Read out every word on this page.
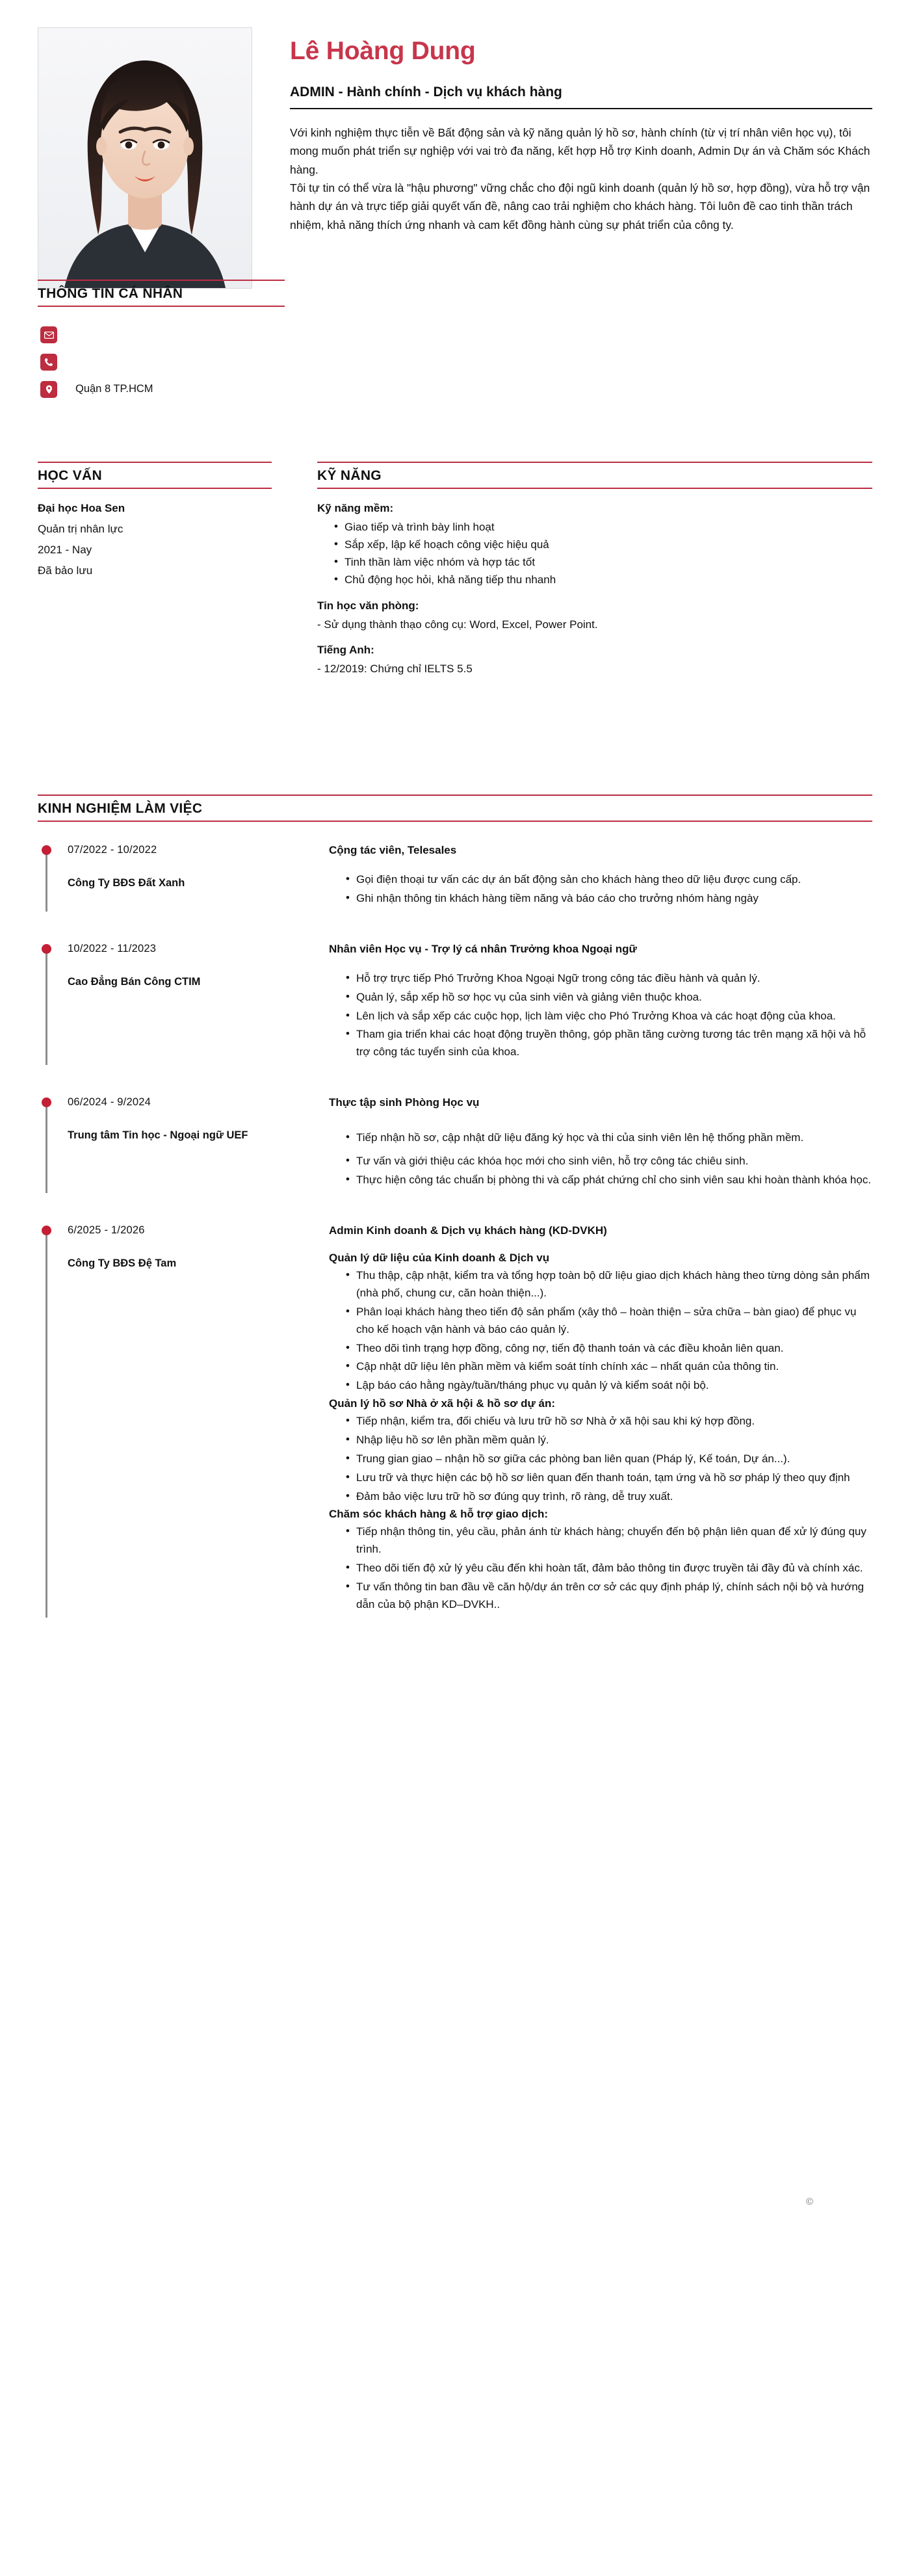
Lê Hoàng Dung
ADMIN - Hành chính - Dịch vụ khách hàng

Với kinh nghiệm thực tiễn về Bất động sản và kỹ năng quản lý hồ sơ, hành chính (từ vị trí nhân viên học vụ), tôi mong muốn phát triển sự nghiệp với vai trò đa năng, kết hợp Hỗ trợ Kinh doanh, Admin Dự án và Chăm sóc Khách hàng.

Tôi tự tin có thể vừa là "hậu phương" vững chắc cho đội ngũ kinh doanh (quản lý hồ sơ, hợp đồng), vừa hỗ trợ vận hành dự án và trực tiếp giải quyết vấn đề, nâng cao trải nghiệm cho khách hàng. Tôi luôn đề cao tinh thần trách nhiệm, khả năng thích ứng nhanh và cam kết đồng hành cùng sự phát triển của công ty.

THÔNG TIN CÁ NHÂN
Quận 8 TP.HCM
HỌC VẤN
Đại học Hoa Sen
Quản trị nhân lực
2021 - Nay
Đã bảo lưu
KỸ NĂNG
Kỹ năng mềm:
• Giao tiếp và trình bày linh hoạt
• Sắp xếp, lập kế hoạch công việc hiệu quả
• Tinh thần làm việc nhóm và hợp tác tốt
• Chủ động học hỏi, khả năng tiếp thu nhanh
Tin học văn phòng:

- Sử dụng thành thạo công cụ: Word, Excel, Power Point.

Tiếng Anh:

- 12/2019: Chứng chỉ IELTS 5.5

KINH NGHIỆM LÀM VIỆC
07/2022 - 10/2022
Công Ty BĐS Đất Xanh
Cộng tác viên, Telesales
• Gọi điện thoại tư vấn các dự án bất động sản cho khách hàng theo dữ liệu được cung cấp.
• Ghi nhận thông tin khách hàng tiềm năng và báo cáo cho trưởng nhóm hàng ngày
10/2022 - 11/2023
Cao Đẳng Bán Công CTIM
Nhân viên Học vụ - Trợ lý cá nhân Trưởng khoa Ngoại ngữ
• Hỗ trợ trực tiếp Phó Trưởng Khoa Ngoại Ngữ trong công tác điều hành và quản lý.
• Quản lý, sắp xếp hồ sơ học vụ của sinh viên và giảng viên thuộc khoa.
• Lên lịch và sắp xếp các cuộc họp, lịch làm việc cho Phó Trưởng Khoa và các hoạt động của khoa.
• Tham gia triển khai các hoạt động truyền thông, góp phần tăng cường tương tác trên mạng xã hội và hỗ trợ công tác tuyển sinh của khoa.
06/2024 - 9/2024
Trung tâm Tin học - Ngoại ngữ UEF
Thực tập sinh Phòng Học vụ
• Tiếp nhận hồ sơ, cập nhật dữ liệu đăng ký học và thi của sinh viên lên hệ thống phần mềm.
• Tư vấn và giới thiệu các khóa học mới cho sinh viên, hỗ trợ công tác chiêu sinh.
• Thực hiện công tác chuẩn bị phòng thi và cấp phát chứng chỉ cho sinh viên sau khi hoàn thành khóa học.
6/2025 - 1/2026
Công Ty BĐS Đệ Tam
Admin Kinh doanh & Dịch vụ khách hàng (KD-DVKH)
Quản lý dữ liệu của Kinh doanh & Dịch vụ
• Thu thập, cập nhật, kiểm tra và tổng hợp toàn bộ dữ liệu giao dịch khách hàng theo từng dòng sản phẩm (nhà phố, chung cư, căn hoàn thiện...).
• Phân loại khách hàng theo tiến độ sản phẩm (xây thô – hoàn thiện – sửa chữa – bàn giao) để phục vụ cho kế hoạch vận hành và báo cáo quản lý.
• Theo dõi tình trạng hợp đồng, công nợ, tiến độ thanh toán và các điều khoản liên quan.
• Cập nhật dữ liệu lên phần mềm và kiểm soát tính chính xác – nhất quán của thông tin.
• Lập báo cáo hằng ngày/tuần/tháng phục vụ quản lý và kiểm soát nội bộ.
Quản lý hồ sơ Nhà ở xã hội & hồ sơ dự án:
• Tiếp nhận, kiểm tra, đối chiếu và lưu trữ hồ sơ Nhà ở xã hội sau khi ký hợp đồng.
• Nhập liệu hồ sơ lên phần mềm quản lý.
• Trung gian giao – nhận hồ sơ giữa các phòng ban liên quan (Pháp lý, Kế toán, Dự án...).
• Lưu trữ và thực hiện các bộ hồ sơ liên quan đến thanh toán, tạm ứng và hồ sơ pháp lý theo quy định
• Đảm bảo việc lưu trữ hồ sơ đúng quy trình, rõ ràng, dễ truy xuất.
Chăm sóc khách hàng & hỗ trợ giao dịch:
• Tiếp nhận thông tin, yêu cầu, phản ánh từ khách hàng; chuyển đến bộ phận liên quan để xử lý đúng quy trình.
• Theo dõi tiến độ xử lý yêu cầu đến khi hoàn tất, đảm bảo thông tin được truyền tải đầy đủ và chính xác.
• Tư vấn thông tin ban đầu về căn hộ/dự án trên cơ sở các quy định pháp lý, chính sách nội bộ và hướng dẫn của bộ phận KD–DVKH..
©
